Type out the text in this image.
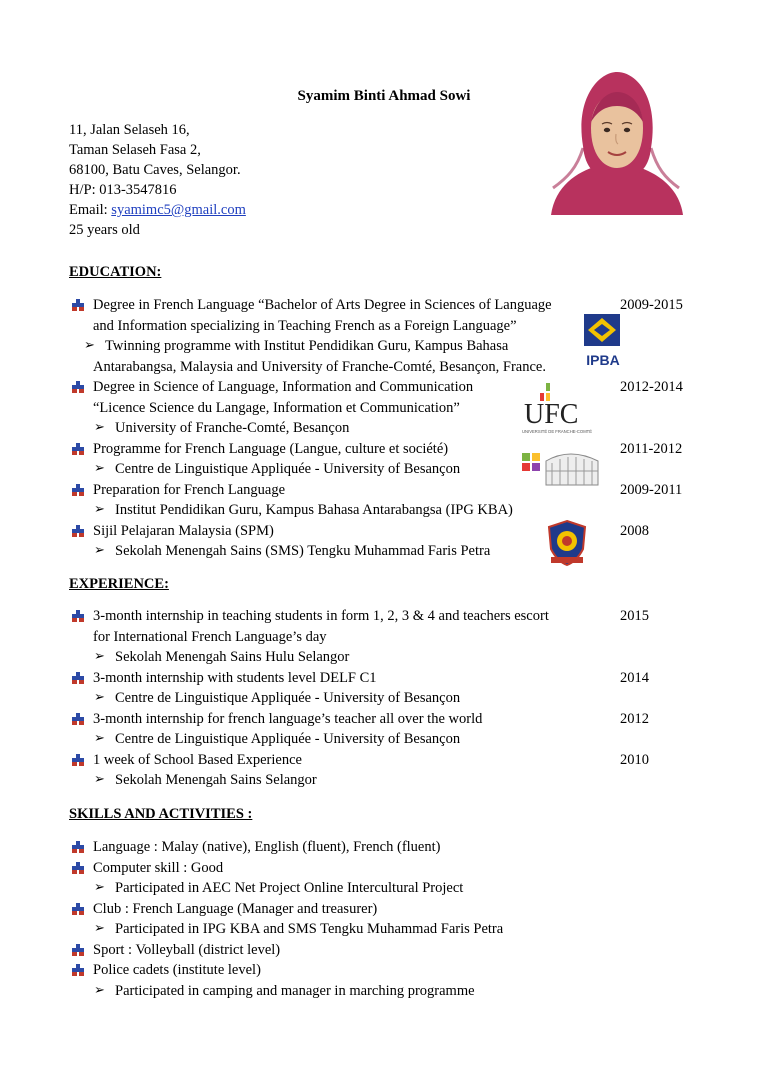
Syamim Binti Ahmad Sowi
11, Jalan Selaseh 16,
Taman Selaseh Fasa 2,
68100, Batu Caves, Selangor.
H/P: 013-3547816
Email: syamimc5@gmail.com
25 years old
EDUCATION:
Degree in French Language “Bachelor of Arts Degree in Sciences of Language	2009-2015
and Information specializing in Teaching French as a Foreign Language”
➢ Twinning programme with Institut Pendidikan Guru, Kampus Bahasa
Antarabangsa, Malaysia and University of Franche-Comté, Besançon, France.
Degree in Science of Language, Information and Communication	2012-2014
“Licence Science du Langage, Information et Communication”
➢ University of Franche-Comté, Besançon
Programme for French Language (Langue, culture et société)	2011-2012
➢ Centre de Linguistique Appliquée - University of Besançon
Preparation for French Language	2009-2011
➢ Institut Pendidikan Guru, Kampus Bahasa Antarabangsa (IPG KBA)
Sijil Pelajaran Malaysia (SPM)	2008
➢ Sekolah Menengah Sains (SMS) Tengku Muhammad Faris Petra
IPBA
UFC
UNIVERSITÉ DE FRANCHE-COMTÉ
EXPERIENCE:
3-month internship in teaching students in form 1, 2, 3 & 4 and teachers escort	2015
for International French Language’s day
➢ Sekolah Menengah Sains Hulu Selangor
3-month internship with students level DELF C1	2014
➢ Centre de Linguistique Appliquée - University of Besançon
3-month internship for french language’s teacher all over the world	2012
➢ Centre de Linguistique Appliquée - University of Besançon
1 week of School Based Experience	2010
➢ Sekolah Menengah Sains Selangor
SKILLS AND ACTIVITIES :
Language : Malay (native), English (fluent), French (fluent)
Computer skill : Good
➢ Participated in AEC Net Project Online Intercultural Project
Club : French Language (Manager and treasurer)
➢ Participated in IPG KBA and SMS Tengku Muhammad Faris Petra
Sport : Volleyball (district level)
Police cadets (institute level)
➢ Participated in camping and manager in marching programme
